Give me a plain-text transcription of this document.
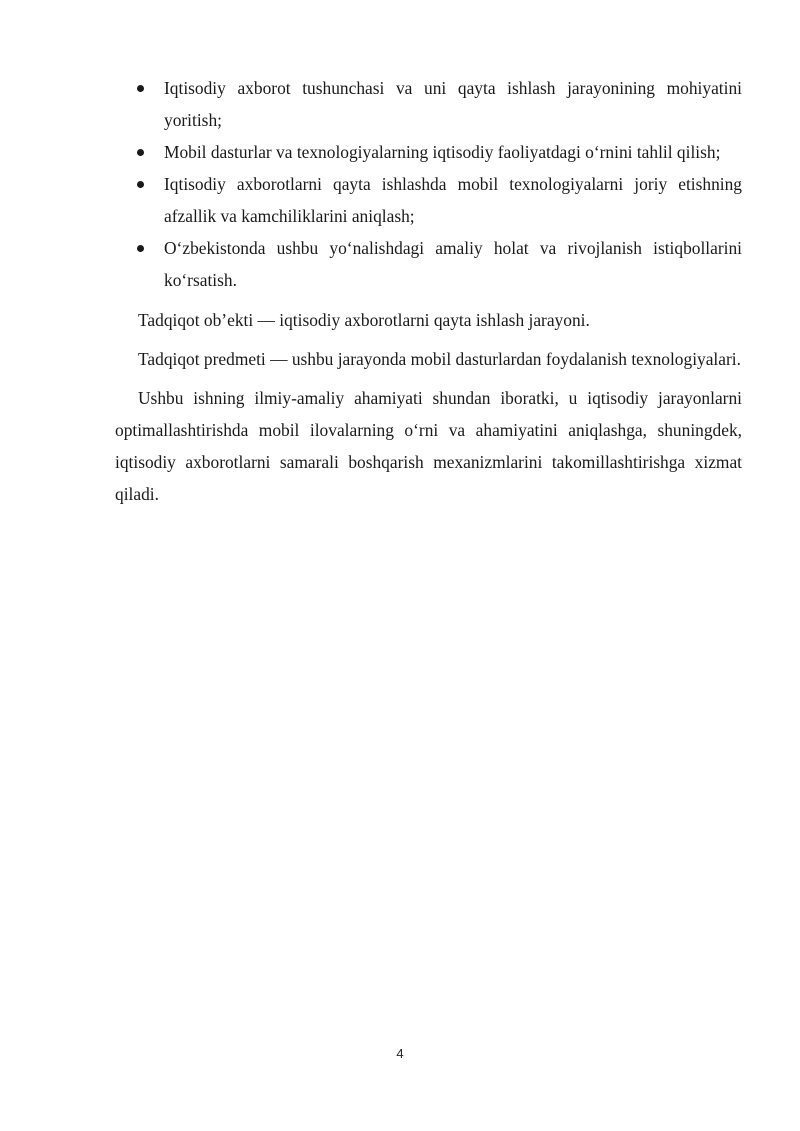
Iqtisodiy axborot tushunchasi va uni qayta ishlash jarayonining mohiyatini yoritish;
Mobil dasturlar va texnologiyalarning iqtisodiy faoliyatdagi o‘rnini tahlil qilish;
Iqtisodiy axborotlarni qayta ishlashda mobil texnologiyalarni joriy etishning afzallik va kamchiliklarini aniqlash;
O‘zbekistonda ushbu yo‘nalishdagi amaliy holat va rivojlanish istiqbollarini ko‘rsatish.

Tadqiqot ob’ekti — iqtisodiy axborotlarni qayta ishlash jarayoni.

Tadqiqot predmeti — ushbu jarayonda mobil dasturlardan foydalanish texnologiyalari.

Ushbu ishning ilmiy-amaliy ahamiyati shundan iboratki, u iqtisodiy jarayonlarni optimallashtirishda mobil ilovalarning o‘rni va ahamiyatini aniqlashga, shuningdek, iqtisodiy axborotlarni samarali boshqarish mexanizmlarini takomillashtirishga xizmat qiladi.

4
